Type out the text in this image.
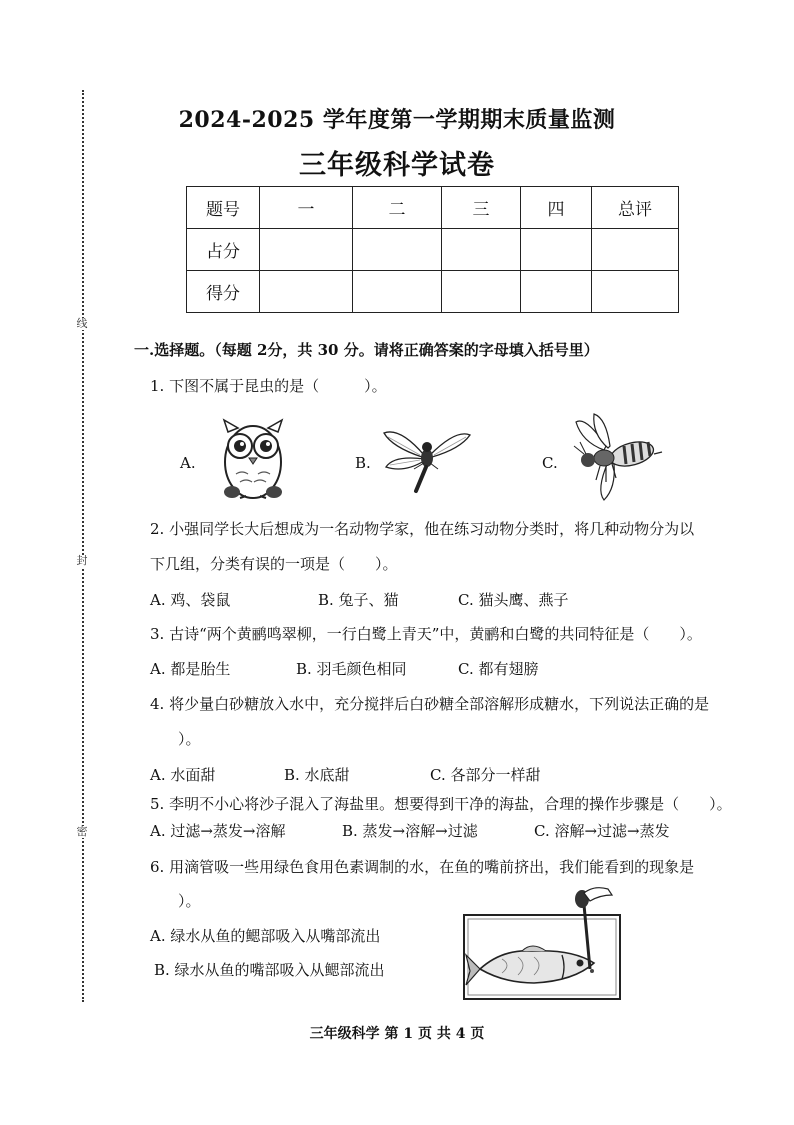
线
封
密
2024-2025 学年度第一学期期末质量监测
三年级科学试卷
题号	一	二	三	四	总评
占分					
得分					
一.选择题。（每题 2分，共 30 分。请将正确答案的字母填入括号里）
1. 下图不属于昆虫的是（　　　）。
A.	B.	C.
2. 小强同学长大后想成为一名动物学家，他在练习动物分类时，将几种动物分为以
下几组，分类有误的一项是（　　）。
A. 鸡、袋鼠	B. 兔子、猫	C. 猫头鹰、燕子
3. 古诗“两个黄鹂鸣翠柳，一行白鹭上青天”中，黄鹂和白鹭的共同特征是（　　）。
A. 都是胎生	B. 羽毛颜色相同	C. 都有翅膀
4. 将少量白砂糖放入水中，充分搅拌后白砂糖全部溶解形成糖水，下列说法正确的是
）。
A. 水面甜	B. 水底甜	C. 各部分一样甜
5. 李明不小心将沙子混入了海盐里。想要得到干净的海盐，合理的操作步骤是（　　）。
A. 过滤→蒸发→溶解	B. 蒸发→溶解→过滤	C. 溶解→过滤→蒸发
6. 用滴管吸一些用绿色食用色素调制的水，在鱼的嘴前挤出，我们能看到的现象是
）。
A. 绿水从鱼的鳃部吸入从嘴部流出
B. 绿水从鱼的嘴部吸入从鳃部流出
三年级科学 第 1 页 共 4 页
